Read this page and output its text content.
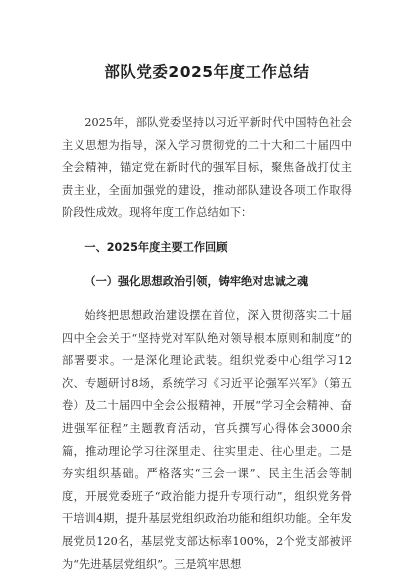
部队党委2025年度工作总结

2025年，部队党委坚持以习近平新时代中国特色社会主义思想为指导，深入学习贯彻党的二十大和二十届四中全会精神，锚定党在新时代的强军目标，聚焦备战打仗主责主业，全面加强党的建设，推动部队建设各项工作取得阶段性成效。现将年度工作总结如下：

一、2025年度主要工作回顾

（一）强化思想政治引领，铸牢绝对忠诚之魂

始终把思想政治建设摆在首位，深入贯彻落实二十届四中全会关于“坚持党对军队绝对领导根本原则和制度”的部署要求。一是深化理论武装。组织党委中心组学习12次、专题研讨8场，系统学习《习近平论强军兴军》（第五卷）及二十届四中全会公报精神，开展“学习全会精神、奋进强军征程”主题教育活动，官兵撰写心得体会3000余篇，推动理论学习往深里走、往实里走、往心里走。二是夯实组织基础。严格落实“三会一课”、民主生活会等制度，开展党委班子“政治能力提升专项行动”，组织党务骨干培训4期，提升基层党组织政治功能和组织功能。全年发展党员120名，基层党支部达标率100%，2个党支部被评为“先进基层党组织”。三是筑牢思想
